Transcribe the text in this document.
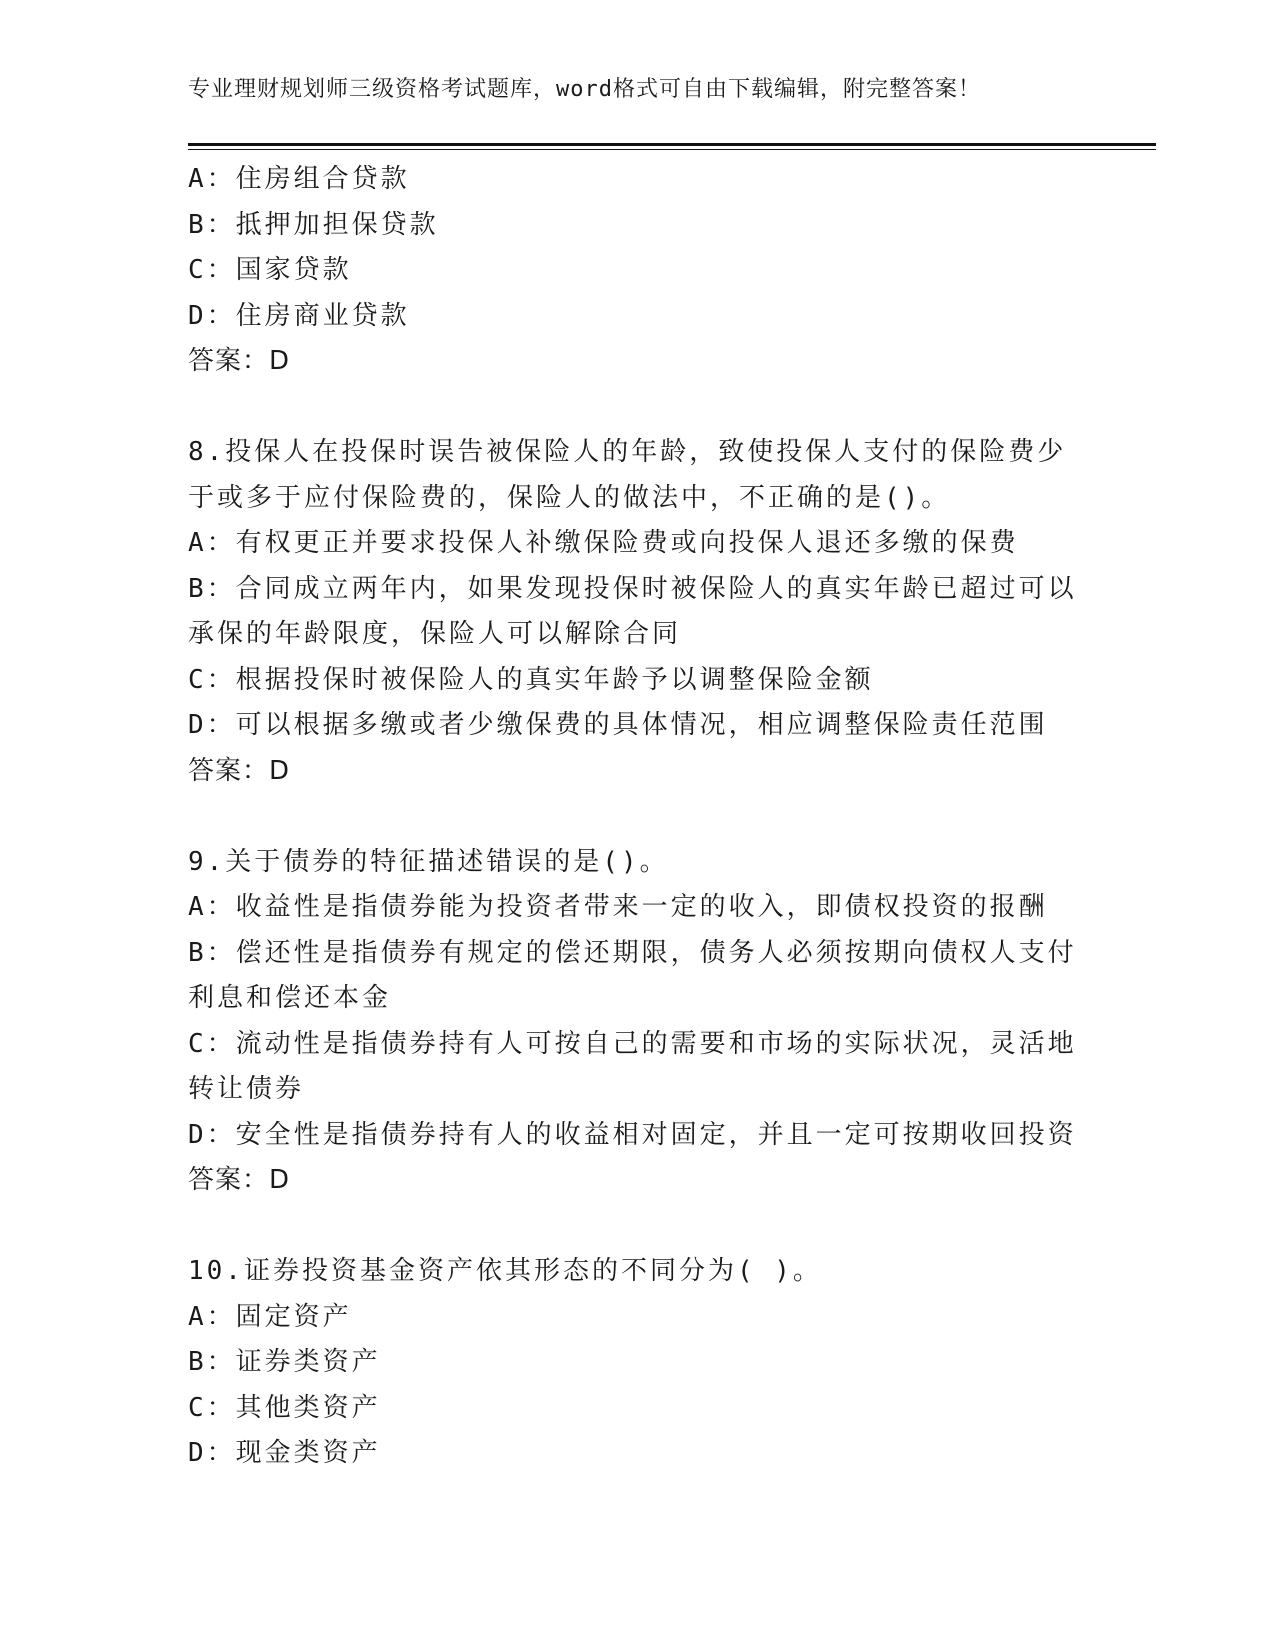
专业理财规划师三级资格考试题库，word格式可自由下载编辑，附完整答案！
A：住房组合贷款
B：抵押加担保贷款
C：国家贷款
D：住房商业贷款
答案：D
8.投保人在投保时误告被保险人的年龄，致使投保人支付的保险费少
于或多于应付保险费的，保险人的做法中，不正确的是()。
A：有权更正并要求投保人补缴保险费或向投保人退还多缴的保费
B：合同成立两年内，如果发现投保时被保险人的真实年龄已超过可以
承保的年龄限度，保险人可以解除合同
C：根据投保时被保险人的真实年龄予以调整保险金额
D：可以根据多缴或者少缴保费的具体情况，相应调整保险责任范围
答案：D
9.关于债券的特征描述错误的是()。
A：收益性是指债券能为投资者带来一定的收入，即债权投资的报酬
B：偿还性是指债券有规定的偿还期限，债务人必须按期向债权人支付
利息和偿还本金
C：流动性是指债券持有人可按自己的需要和市场的实际状况，灵活地
转让债券
D：安全性是指债券持有人的收益相对固定，并且一定可按期收回投资
答案：D
10.证券投资基金资产依其形态的不同分为( )。
A：固定资产
B：证券类资产
C：其他类资产
D：现金类资产
